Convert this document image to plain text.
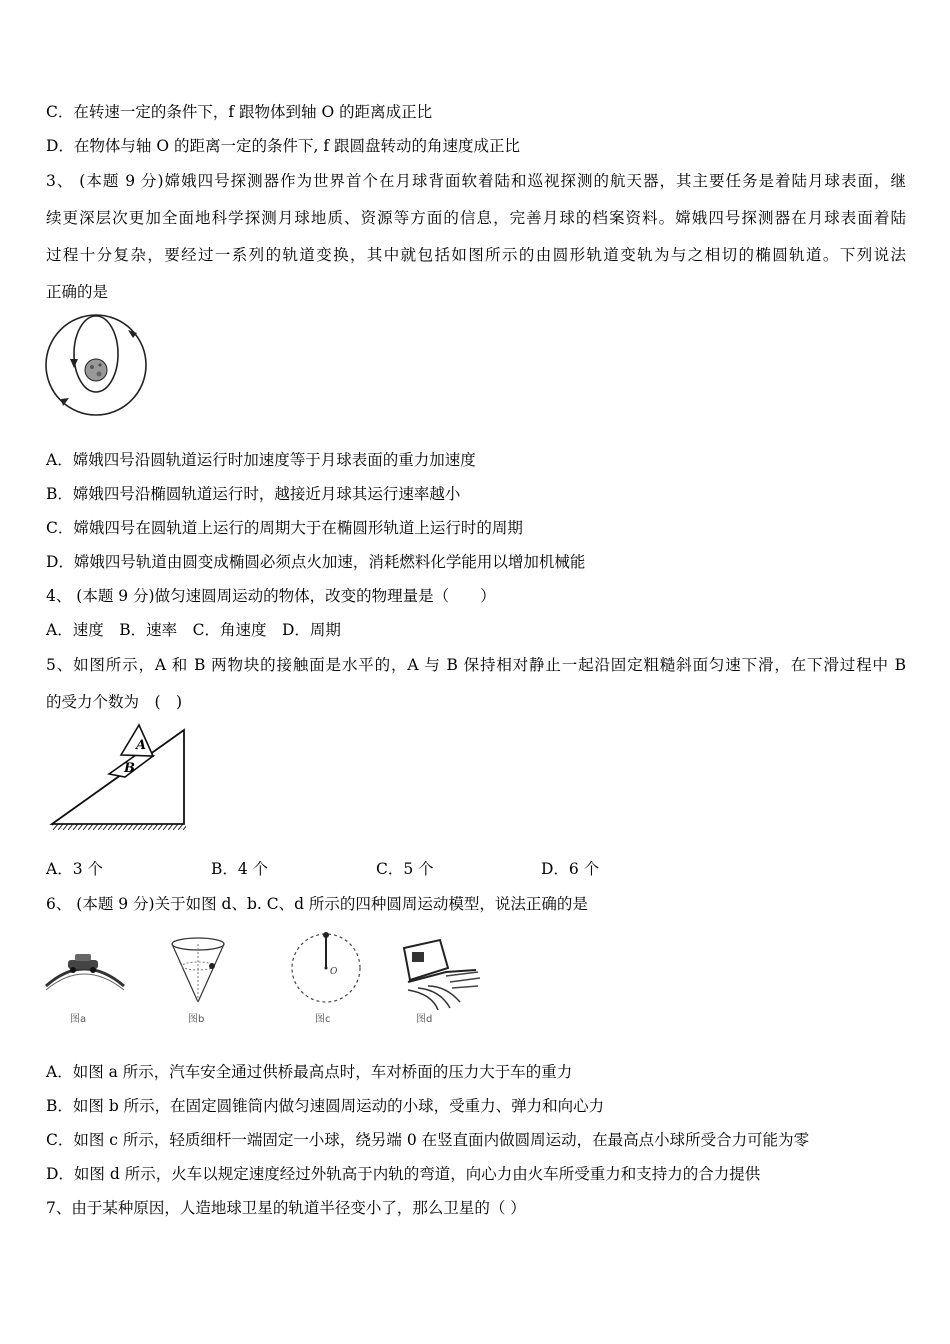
C．在转速一定的条件下，f 跟物体到轴 O 的距离成正比
D．在物体与轴 O 的距离一定的条件下, f 跟圆盘转动的角速度成正比
3、 (本题 9 分)嫦娥四号探测器作为世界首个在月球背面软着陆和巡视探测的航天器，其主要任务是着陆月球表面，继
续更深层次更加全面地科学探测月球地质、资源等方面的信息，完善月球的档案资料。嫦娥四号探测器在月球表面着陆
过程十分复杂，要经过一系列的轨道变换，其中就包括如图所示的由圆形轨道变轨为与之相切的椭圆轨道。下列说法
正确的是
A．嫦娥四号沿圆轨道运行时加速度等于月球表面的重力加速度
B．嫦娥四号沿椭圆轨道运行时，越接近月球其运行速率越小
C．嫦娥四号在圆轨道上运行的周期大于在椭圆形轨道上运行时的周期
D．嫦娥四号轨道由圆变成椭圆必须点火加速，消耗燃料化学能用以增加机械能
4、 (本题 9 分)做匀速圆周运动的物体，改变的物理量是（　　）
A．速度　B．速率　C．角速度　D．周期
5、如图所示，A 和 B 两物块的接触面是水平的，A 与 B 保持相对静止一起沿固定粗糙斜面匀速下滑，在下滑过程中 B
的受力个数为　(　)
A
B
A．3 个	B．4 个	C．5 个	D．6 个
6、 (本题 9 分)关于如图 d、b. C、d 所示的四种圆周运动模型，说法正确的是
图a	图b
O
图c	图d
A．如图 a 所示，汽车安全通过供桥最高点时，车对桥面的压力大于车的重力
B．如图 b 所示，在固定圆锥筒内做匀速圆周运动的小球，受重力、弹力和向心力
C．如图 c 所示，轻质细杆一端固定一小球，绕另端 0 在竖直面内做圆周运动，在最高点小球所受合力可能为零
D．如图 d 所示，火车以规定速度经过外轨高于内轨的弯道，向心力由火车所受重力和支持力的合力提供
7、由于某种原因，人造地球卫星的轨道半径变小了，那么卫星的（ ）
